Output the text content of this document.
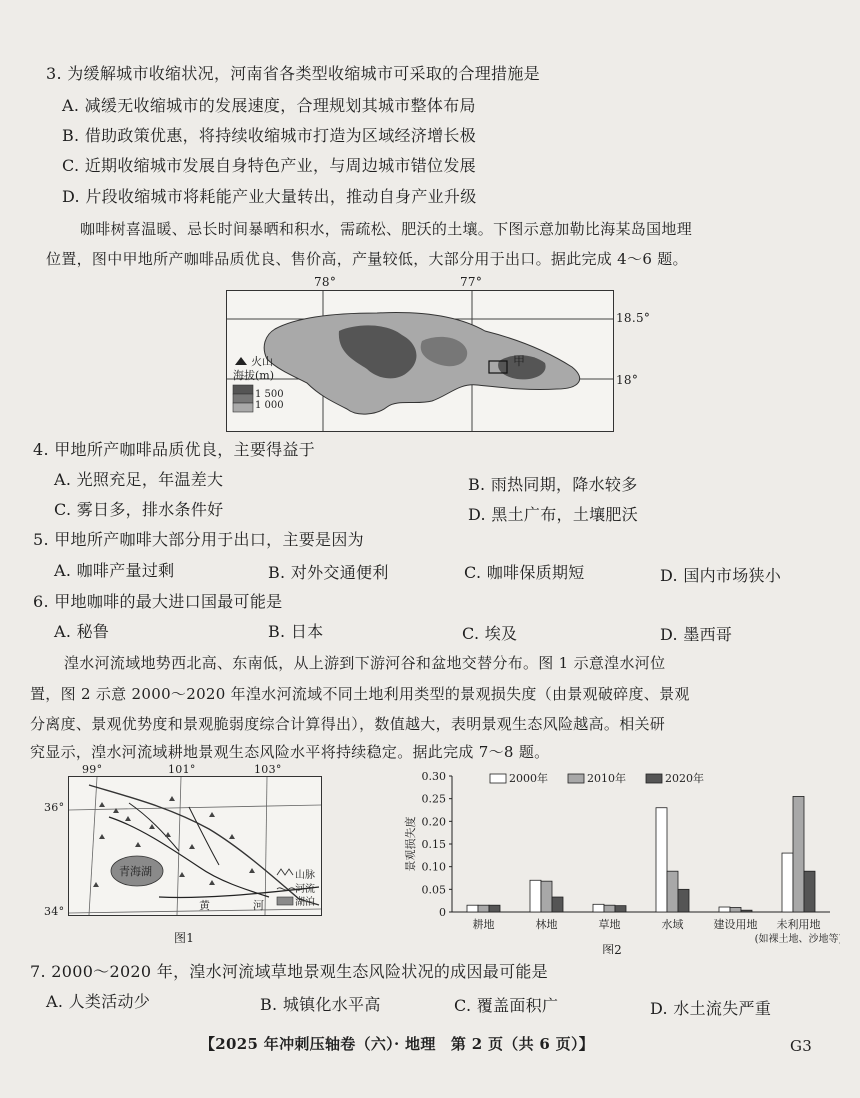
3. 为缓解城市收缩状况，河南省各类型收缩城市可采取的合理措施是
A. 减缓无收缩城市的发展速度，合理规划其城市整体布局
B. 借助政策优惠，将持续收缩城市打造为区域经济增长极
C. 近期收缩城市发展自身特色产业，与周边城市错位发展
D. 片段收缩城市将耗能产业大量转出，推动自身产业升级
咖啡树喜温暖、忌长时间暴晒和积水，需疏松、肥沃的土壤。下图示意加勒比海某岛国地理
位置，图中甲地所产咖啡品质优良、售价高，产量较低，大部分用于出口。据此完成 4～6 题。
甲
火山
海拔(m)
1 500
1 000
78°	77°
18.5°
18°
4. 甲地所产咖啡品质优良，主要得益于
A. 光照充足，年温差大	B. 雨热同期，降水较多
C. 雾日多，排水条件好	D. 黑土广布，土壤肥沃
5. 甲地所产咖啡大部分用于出口，主要是因为
A. 咖啡产量过剩	B. 对外交通便利	C. 咖啡保质期短	D. 国内市场狭小
6. 甲地咖啡的最大进口国最可能是
A. 秘鲁	B. 日本	C. 埃及	D. 墨西哥
湟水河流域地势西北高、东南低，从上游到下游河谷和盆地交替分布。图 1 示意湟水河位
置，图 2 示意 2000～2020 年湟水河流域不同土地利用类型的景观损失度（由景观破碎度、景观
分离度、景观优势度和景观脆弱度综合计算得出），数值越大，表明景观生态风险越高。相关研
究显示，湟水河流域耕地景观生态风险水平将持续稳定。据此完成 7～8 题。
青海湖
黄	河
山脉
河流
湖泊
99°	101°	103°
36°
34°
图1
0
0.05
0.10
0.15
0.20
0.25
0.30
景观损失度
耕地	林地	草地	水域	建设用地 未利用地
(如裸土地、沙地等)
图2
2000年	2010年	2020年
7. 2000～2020 年，湟水河流域草地景观生态风险状况的成因最可能是
A. 人类活动少	B. 城镇化水平高	C. 覆盖面积广	D. 水土流失严重
【2025 年冲刺压轴卷（六）· 地理　第 2 页（共 6 页）】	G3
